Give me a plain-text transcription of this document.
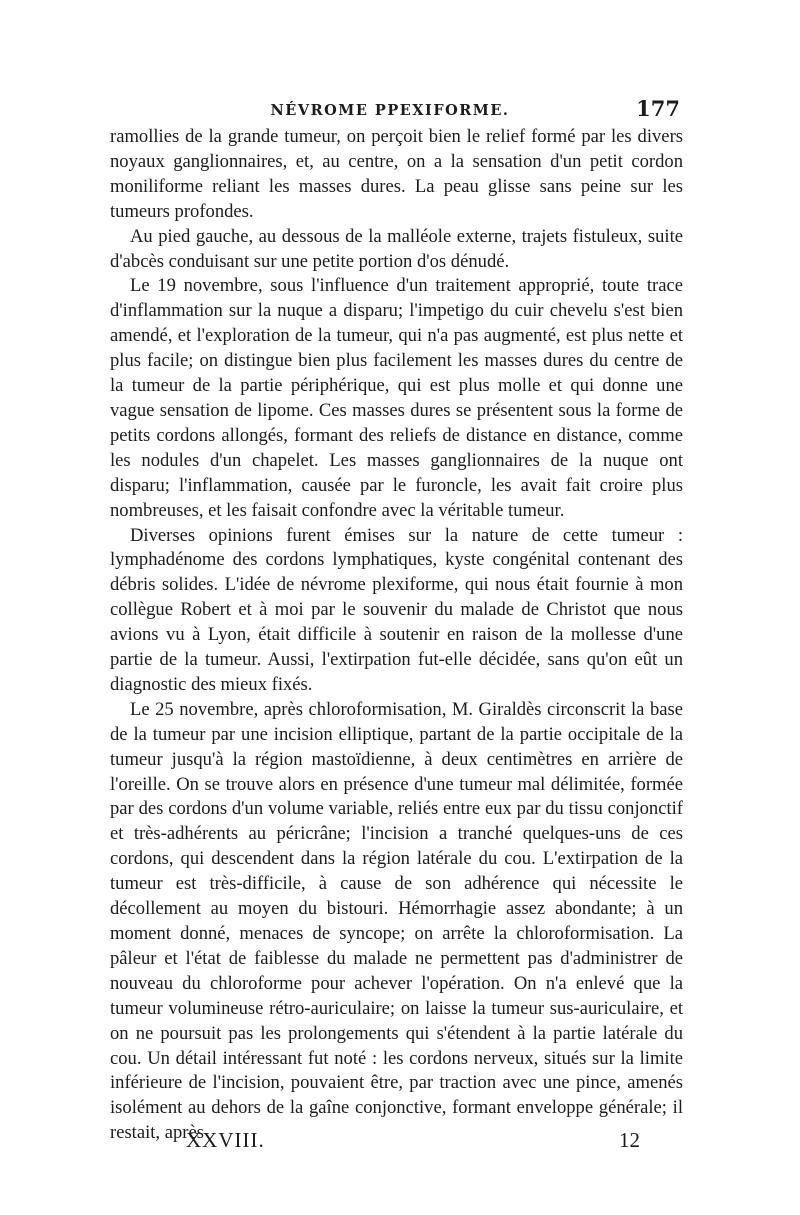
NÉVROME PPEXIFORME.	177

ramollies de la grande tumeur, on perçoit bien le relief formé par les divers noyaux ganglionnaires, et, au centre, on a la sensation d'un petit cordon moniliforme reliant les masses dures. La peau glisse sans peine sur les tumeurs profondes.

Au pied gauche, au dessous de la malléole externe, trajets fistuleux, suite d'abcès conduisant sur une petite portion d'os dénudé.

Le 19 novembre, sous l'influence d'un traitement approprié, toute trace d'inflammation sur la nuque a disparu; l'impetigo du cuir chevelu s'est bien amendé, et l'exploration de la tumeur, qui n'a pas augmenté, est plus nette et plus facile; on distingue bien plus facilement les masses dures du centre de la tumeur de la partie périphérique, qui est plus molle et qui donne une vague sensation de lipome. Ces masses dures se présentent sous la forme de petits cordons allongés, formant des reliefs de distance en distance, comme les nodules d'un chapelet. Les masses ganglionnaires de la nuque ont disparu; l'inflammation, causée par le furoncle, les avait fait croire plus nombreuses, et les faisait confondre avec la véritable tumeur.

Diverses opinions furent émises sur la nature de cette tumeur : lymphadénome des cordons lymphatiques, kyste congénital contenant des débris solides. L'idée de névrome plexiforme, qui nous était fournie à mon collègue Robert et à moi par le souvenir du malade de Christot que nous avions vu à Lyon, était difficile à soutenir en raison de la mollesse d'une partie de la tumeur. Aussi, l'extirpation fut-elle décidée, sans qu'on eût un diagnostic des mieux fixés.

Le 25 novembre, après chloroformisation, M. Giraldès circonscrit la base de la tumeur par une incision elliptique, partant de la partie occipitale de la tumeur jusqu'à la région mastoïdienne, à deux centimètres en arrière de l'oreille. On se trouve alors en présence d'une tumeur mal délimitée, formée par des cordons d'un volume variable, reliés entre eux par du tissu conjonctif et très-adhérents au péricrâne; l'incision a tranché quelques-uns de ces cordons, qui descendent dans la région latérale du cou. L'extirpation de la tumeur est très-difficile, à cause de son adhérence qui nécessite le décollement au moyen du bistouri. Hémorrhagie assez abondante; à un moment donné, menaces de syncope; on arrête la chloroformisation. La pâleur et l'état de faiblesse du malade ne permettent pas d'administrer de nouveau du chloroforme pour achever l'opération. On n'a enlevé que la tumeur volumineuse rétro-auriculaire; on laisse la tumeur sus-auriculaire, et on ne poursuit pas les prolongements qui s'étendent à la partie latérale du cou. Un détail intéressant fut noté : les cordons nerveux, situés sur la limite inférieure de l'incision, pouvaient être, par traction avec une pince, amenés isolément au dehors de la gaîne conjonctive, formant enveloppe générale; il restait, après

XXVIII.	12
